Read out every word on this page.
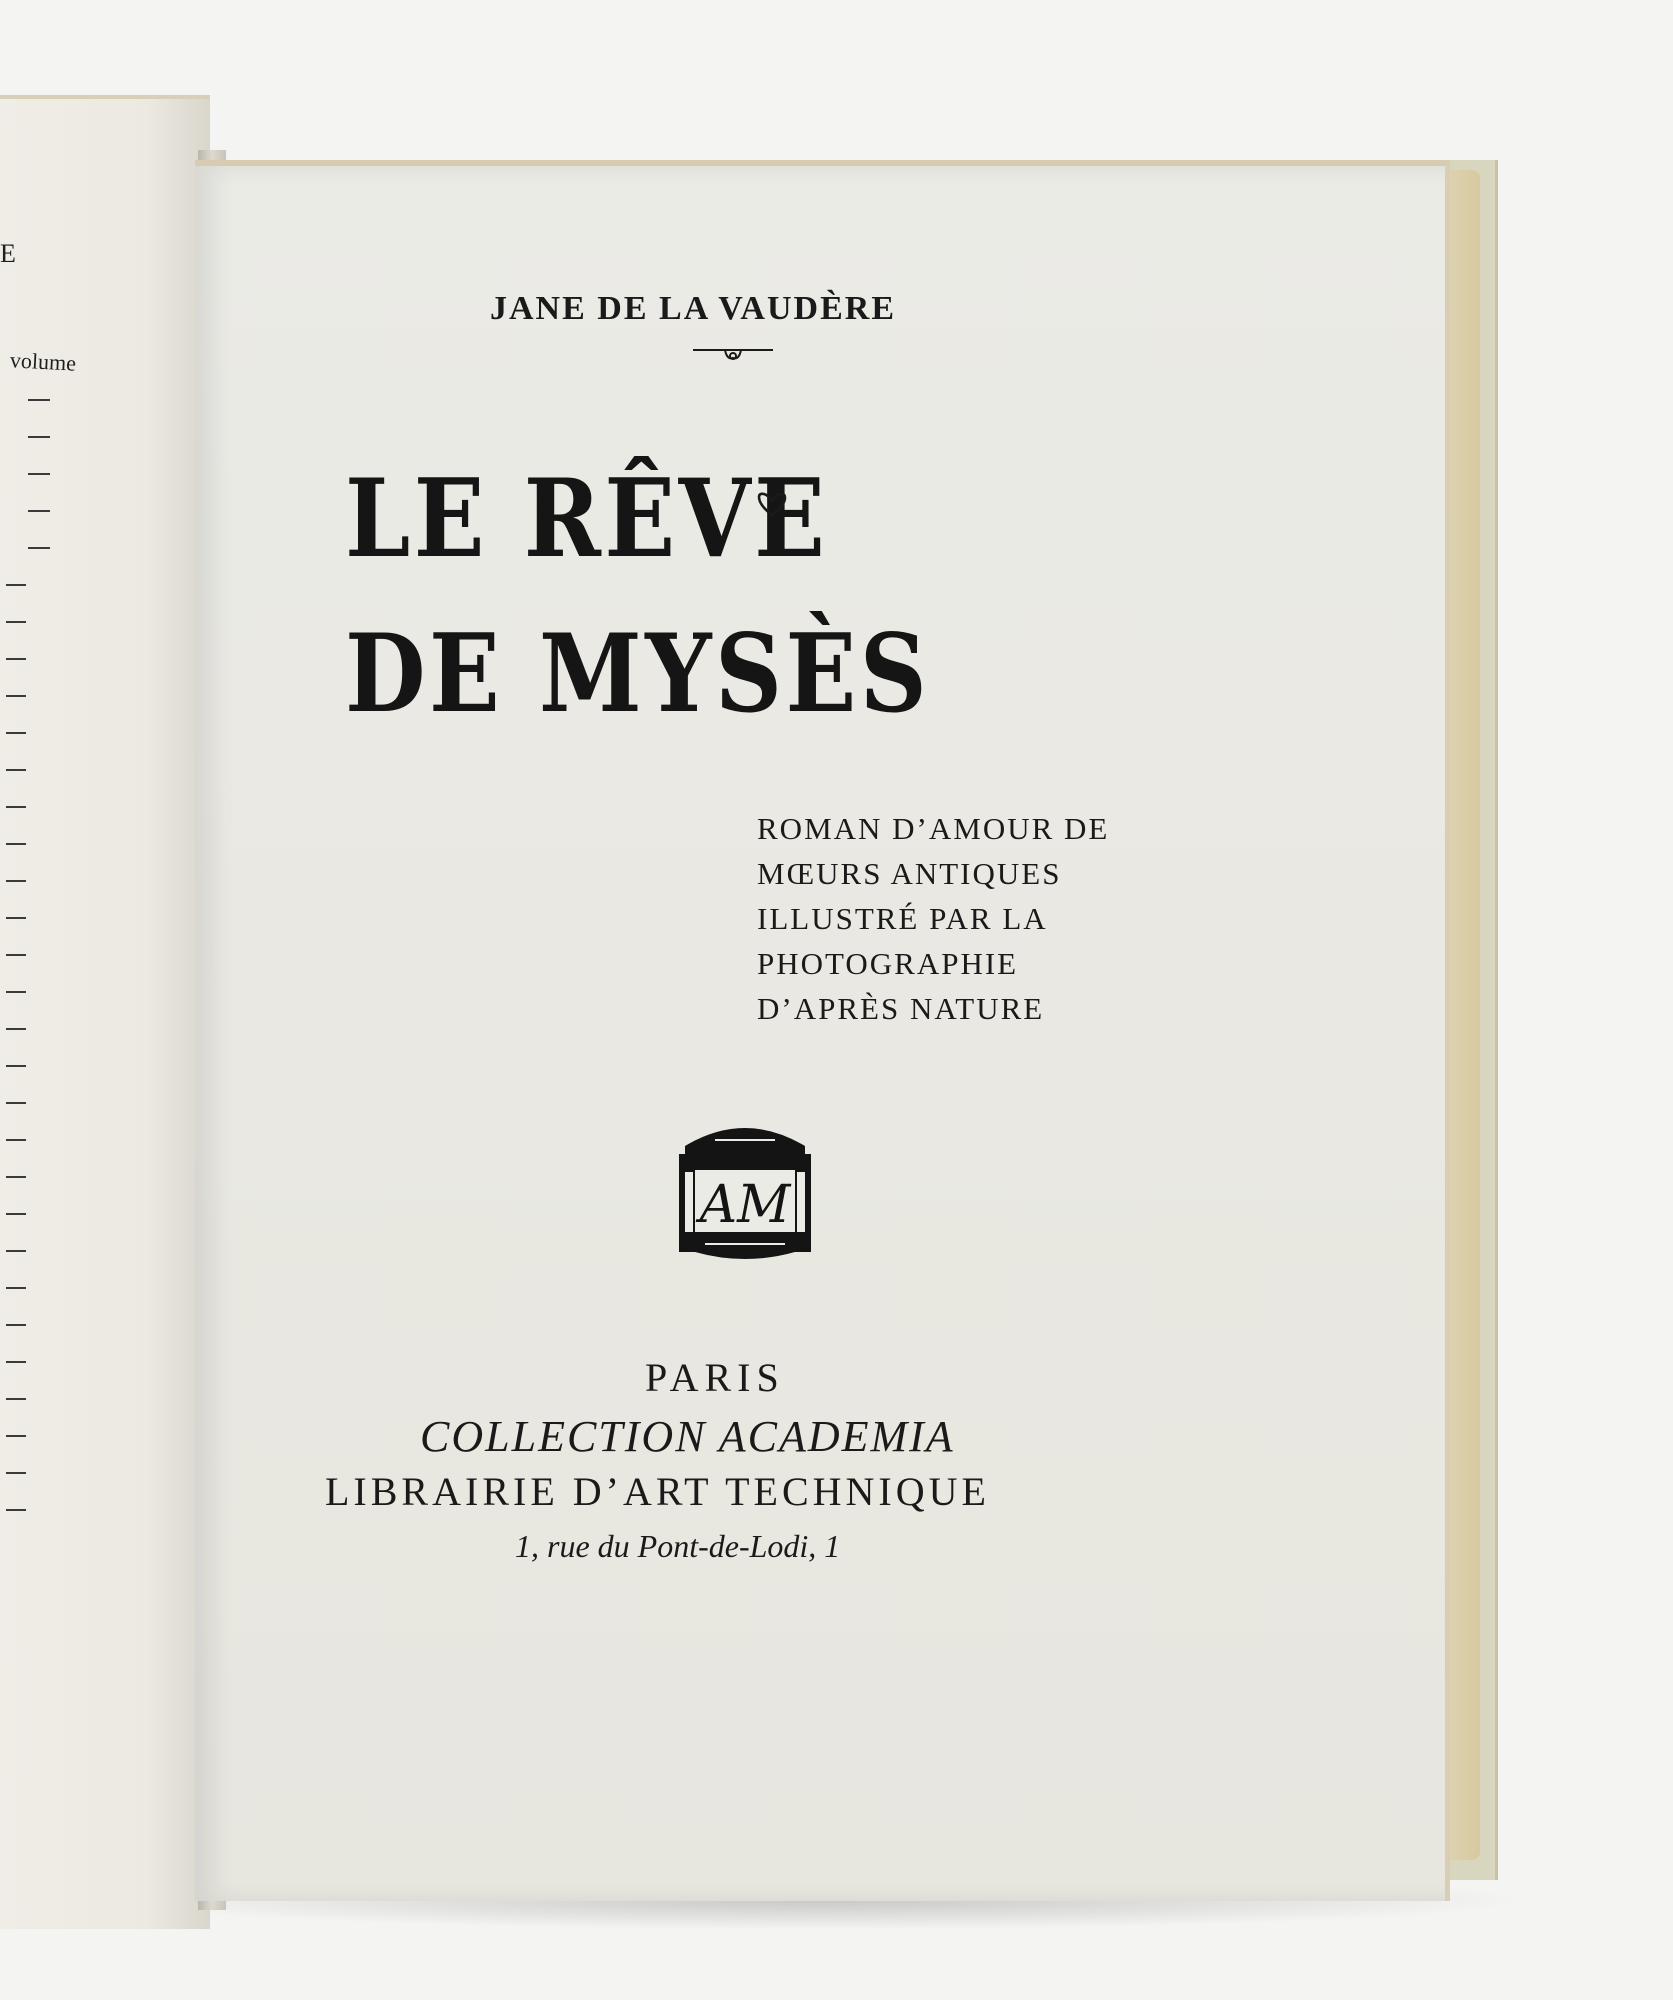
E
volume
JANE DE LA VAUDÈRE
LE RÊVE
DE MYSÈS
ROMAN D’AMOUR DE
MŒURS ANTIQUES
ILLUSTRÉ PAR LA
PHOTOGRAPHIE
D’APRÈS NATURE
AM
PARIS
COLLECTION ACADEMIA
LIBRAIRIE D’ART TECHNIQUE
1, rue du Pont-de-Lodi, 1
